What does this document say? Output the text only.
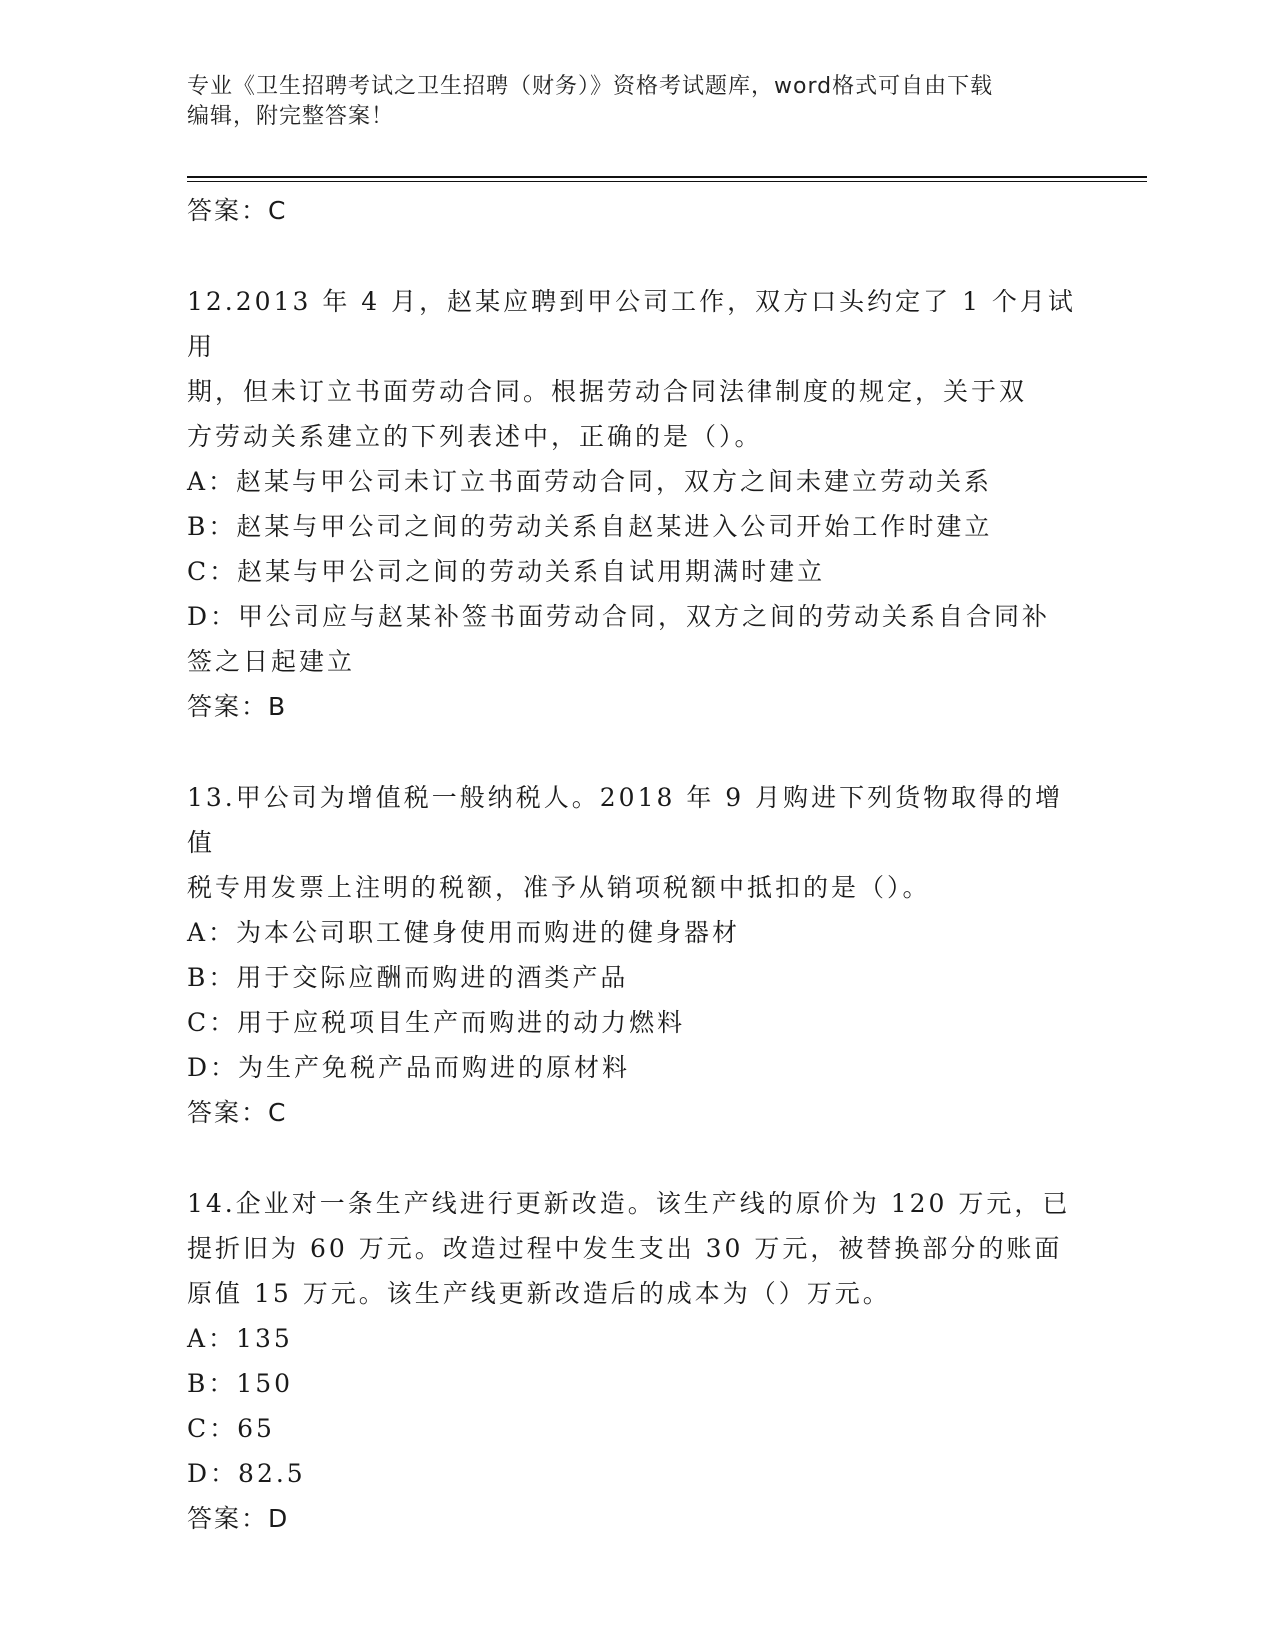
专业《卫生招聘考试之卫生招聘（财务）》资格考试题库，word格式可自由下载
编辑，附完整答案！

答案：C

12.2013 年 4 月，赵某应聘到甲公司工作，双方口头约定了 1 个月试用

期，但未订立书面劳动合同。根据劳动合同法律制度的规定，关于双

方劳动关系建立的下列表述中，正确的是（）。

A：赵某与甲公司未订立书面劳动合同，双方之间未建立劳动关系

B：赵某与甲公司之间的劳动关系自赵某进入公司开始工作时建立

C：赵某与甲公司之间的劳动关系自试用期满时建立

D：甲公司应与赵某补签书面劳动合同，双方之间的劳动关系自合同补

签之日起建立

答案：B

13.甲公司为增值税一般纳税人。2018 年 9 月购进下列货物取得的增值

税专用发票上注明的税额，准予从销项税额中抵扣的是（）。

A：为本公司职工健身使用而购进的健身器材

B：用于交际应酬而购进的酒类产品

C：用于应税项目生产而购进的动力燃料

D：为生产免税产品而购进的原材料

答案：C

14.企业对一条生产线进行更新改造。该生产线的原价为 120 万元，已

提折旧为 60 万元。改造过程中发生支出 30 万元，被替换部分的账面

原值 15 万元。该生产线更新改造后的成本为（）万元。

A：135

B：150

C：65

D：82.5

答案：D
